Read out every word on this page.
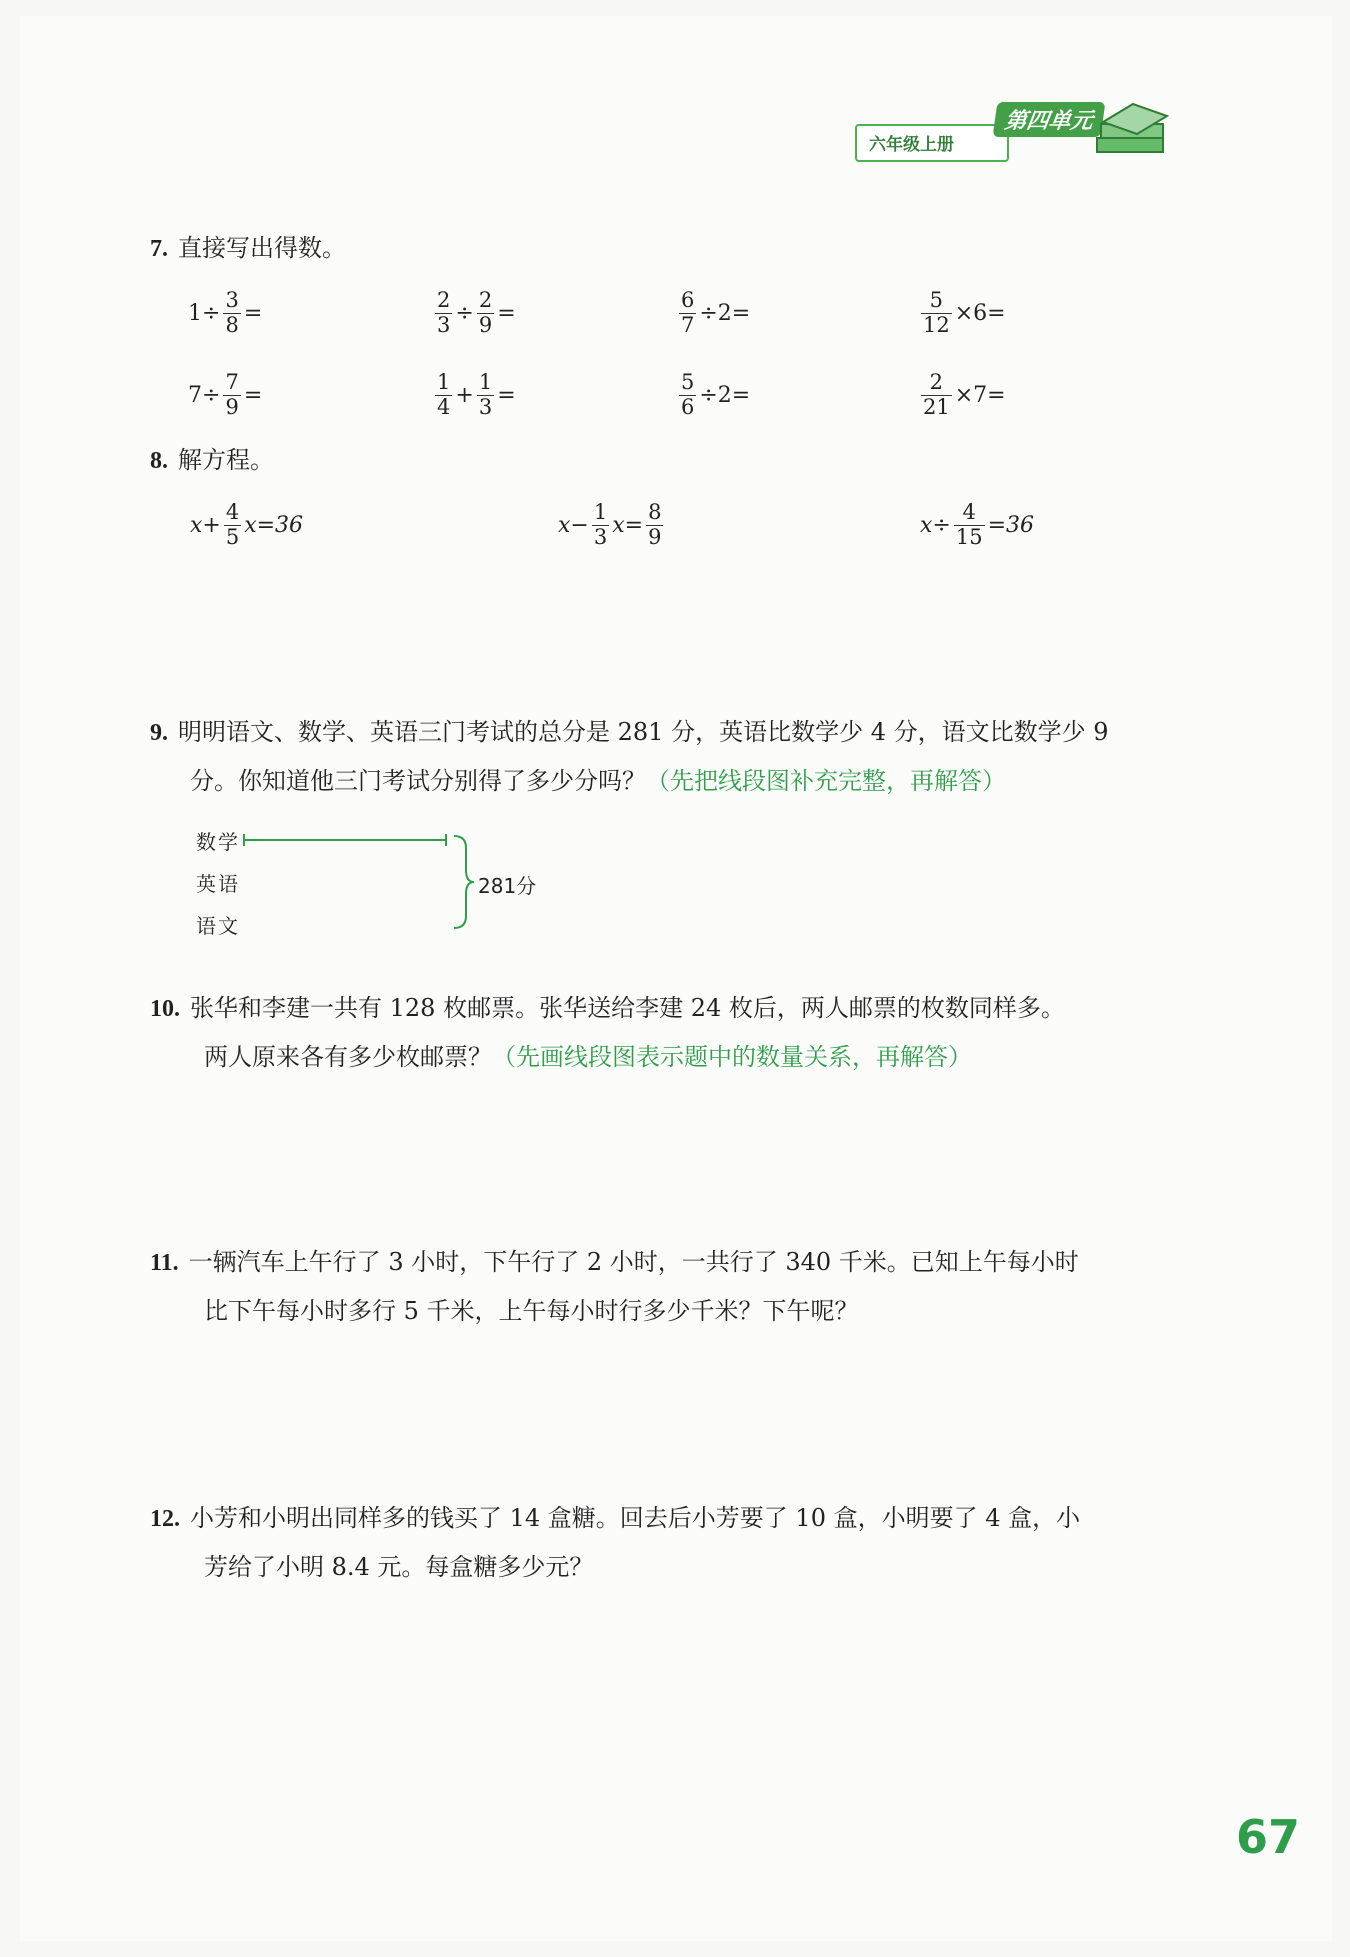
六年级上册
第四单元
7. 直接写出得数。
$1\div \frac{3}{8}$ =	$\frac{2}{3} \div \frac{2}{9}$ =	$\frac{6}{7} \div 2=$	$\frac{5}{12} \times 6=$
$7\div \frac{7}{9}$ =	$\frac{1}{4} + \frac{1}{3}$ =	$\frac{5}{6} \div 2=$	$\frac{2}{21} \times 7=$
8. 解方程。
$x+ \frac{4}{5} x=36$	$x- \frac{1}{3} x= \frac{8}{9}$	$x\div \frac{4}{15} =36$
9. 明明语文、数学、英语三门考试的总分是 281 分，英语比数学少 4 分，语文比数学少 9
分。你知道他三门考试分别得了多少分吗？（先把线段图补充完整，再解答）
数学
英语
语文
281分
10. 张华和李建一共有 128 枚邮票。张华送给李建 24 枚后，两人邮票的枚数同样多。
两人原来各有多少枚邮票？（先画线段图表示题中的数量关系，再解答）
11. 一辆汽车上午行了 3 小时，下午行了 2 小时，一共行了 340 千米。已知上午每小时
比下午每小时多行 5 千米，上午每小时行多少千米？下午呢？
12. 小芳和小明出同样多的钱买了 14 盒糖。回去后小芳要了 10 盒，小明要了 4 盒，小
芳给了小明 8.4 元。每盒糖多少元？
67
